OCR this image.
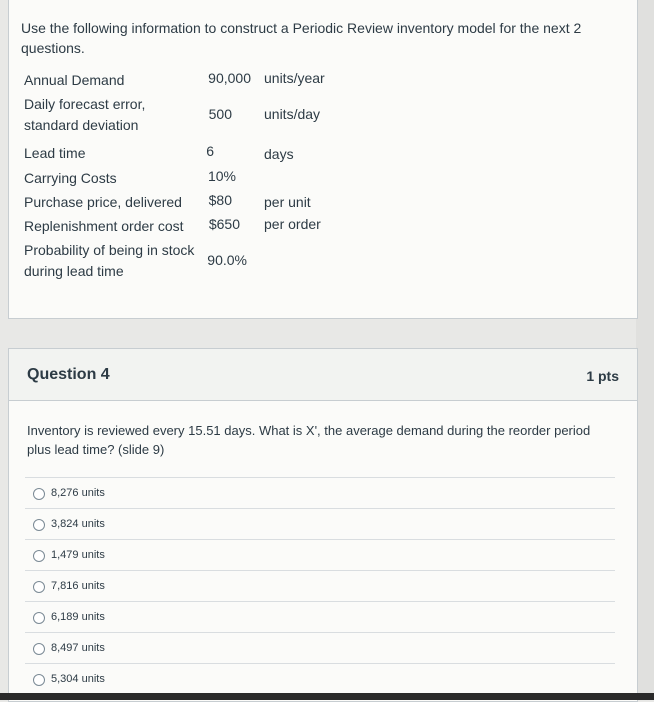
Use the following information to construct a Periodic Review inventory model for the next 2 questions.
Annual Demand	90,000 units/year
Daily forecast error, standard deviation
500 units/day
Lead time	6	days
Carrying Costs	10%
Purchase price, delivered	$80 per unit
Replenishment order cost	$650 per order
Probability of being in stock during lead time
90.0%
Question 4	1 pts
Inventory is reviewed every 15.51 days. What is X', the average demand during the reorder period plus lead time? (slide 9)
8,276 units
3,824 units
1,479 units
7,816 units
6,189 units
8,497 units
5,304 units
